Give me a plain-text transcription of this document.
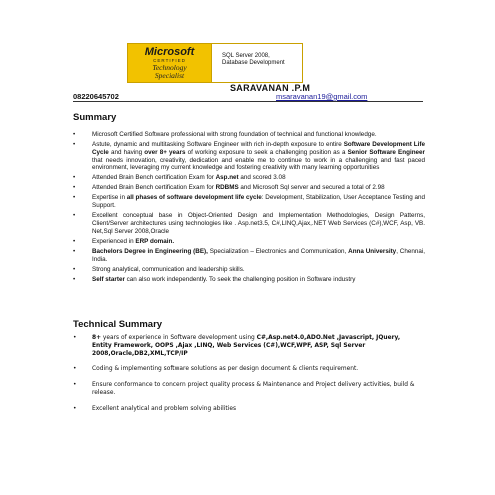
Microsoft
CERTIFIED
Technology
Specialist
SQL Server 2008,
Database Development
SARAVANAN .P.M
08220645702	msaravanan19@gmail.com
Summary
•	Microsoft Certified Software professional with strong foundation of technical and functional knowledge.
•	Astute, dynamic and multitasking Software Engineer with rich in-depth exposure to entire Software Development Life Cycle and having over 8+ years of working exposure to seek a challenging position as a Senior Software Engineer that needs innovation, creativity, dedication and enable me to continue to work in a challenging and fast paced environment, leveraging my current knowledge and fostering creativity with many learning opportunities
•	Attended Brain Bench certification Exam for Asp.net and scored 3.08
•	Attended Brain Bench certification Exam for RDBMS and Microsoft Sql server and secured a total of 2.98
•	Expertise in all phases of software development life cycle: Development, Stabilization, User Acceptance Testing and Support.
•	Excellent conceptual base in Object-Oriented Design and Implementation Methodologies, Design Patterns, Client/Server architectures using technologies like . Asp.net3.5, C#,LINQ,Ajax,.NET Web Services (C#),WCF, Asp, VB. Net,Sql Server 2008,Oracle
•	Experienced in ERP domain.
•	Bachelors Degree in Engineering (BE), Specialization – Electronics and Communication, Anna University, Chennai, India.
•	Strong analytical, communication and leadership skills.
•	Self starter can also work independently. To seek the challenging position in Software industry
Technical Summary
•	8+ years of experience in Software development using C#,Asp.net4.0,ADO.Net ,Javascript, JQuery, Entity Framework, OOPS ,Ajax ,LINQ, Web Services (C#),WCF,WPF, ASP, Sql Server 2008,Oracle,DB2,XML,TCP/IP
•	Coding & implementing software solutions as per design document & clients requirement.
•	Ensure conformance to concern project quality process & Maintenance and Project delivery activities, build & release.
•	Excellent analytical and problem solving abilities
